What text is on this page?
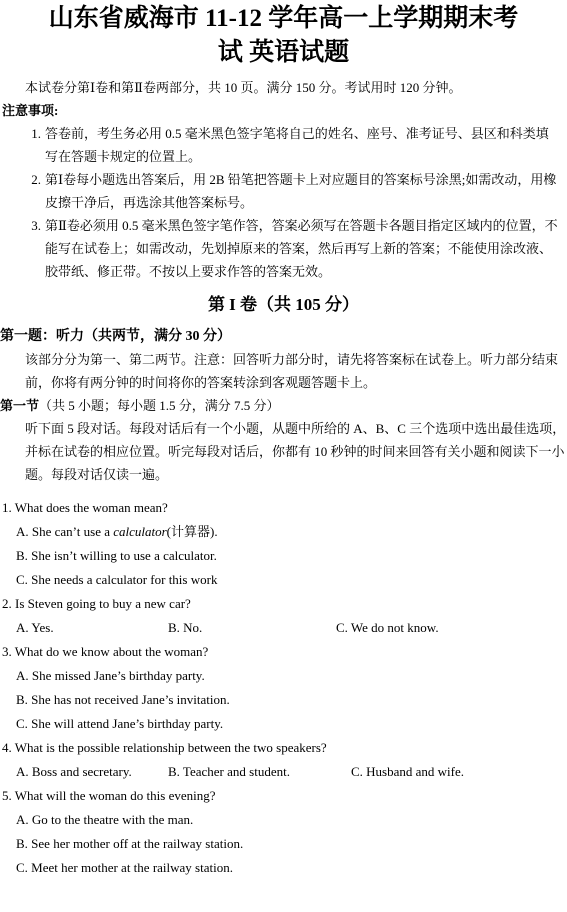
山东省威海市 11-12 学年高一上学期期末考
试 英语试题

本试卷分第Ⅰ卷和第Ⅱ卷两部分，共 10 页。满分 150 分。考试用时 120 分钟。

注意事项:

1. 答卷前，考生务必用 0.5 毫米黑色签字笔将自己的姓名、座号、准考证号、县区和科类填写在答题卡规定的位置上。
2. 第Ⅰ卷每小题选出答案后，用 2B 铅笔把答题卡上对应题目的答案标号涂黑;如需改动，用橡皮擦干净后，再选涂其他答案标号。
3. 第Ⅱ卷必须用 0.5 毫米黑色签字笔作答，答案必须写在答题卡各题目指定区域内的位置，不能写在试卷上；如需改动，先划掉原来的答案，然后再写上新的答案；不能使用涂改液、胶带纸、修正带。不按以上要求作答的答案无效。
第 I 卷（共 105 分）

第一题：听力（共两节，满分 30 分）

该部分分为第一、第二两节。注意：回答听力部分时，请先将答案标在试卷上。听力部分结束前，你将有两分钟的时间将你的答案转涂到客观题答题卡上。

第一节（共 5 小题；每小题 1.5 分，满分 7.5 分）

听下面 5 段对话。每段对话后有一个小题，从题中所给的 A、B、C 三个选项中选出最佳选项，并标在试卷的相应位置。听完每段对话后，你都有 10 秒钟的时间来回答有关小题和阅读下一小题。每段对话仅读一遍。

1. What does the woman mean?

A. She can’t use a calculator(计算器).

B. She isn’t willing to use a calculator.

C. She needs a calculator for this work

2. Is Steven going to buy a new car?

A. Yes.	B. No.	C. We do not know.

3. What do we know about the woman?

A. She missed Jane’s birthday party.

B. She has not received Jane’s invitation.

C. She will attend Jane’s birthday party.

4. What is the possible relationship between the two speakers?

A. Boss and secretary.	B. Teacher and student.	C. Husband and wife.

5. What will the woman do this evening?

A. Go to the theatre with the man.

B. See her mother off at the railway station.

C. Meet her mother at the railway station.
